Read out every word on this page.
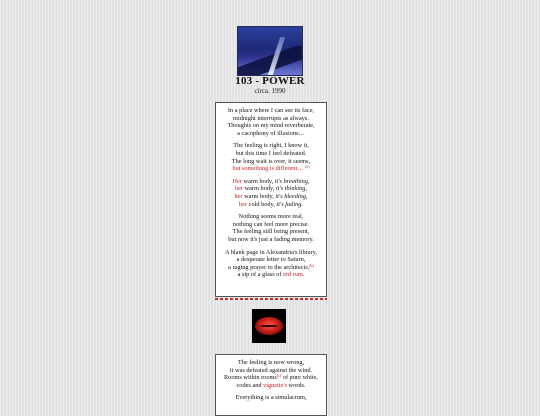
103 - POWER
circa. 1990
In a place where I can see its face,
midnight interrupts as always.
Thoughts on my mind reverberate,
a cacophony of illusions…
The feeling is right, I know it,
but this time I feel defeated.
The long wait is over, it seems,
but something is different… $^{(a)}$
Her warm body, it's breathing,
her warm body, it's thinking,
her warm body, it's bleeding,
her cold body, it's fading.
Nothing seems more real,
nothing can feel more precise.
The feeling still being present,
but now it's just a fading memory.
A blank page in Alexandria's library,
a desperate letter to Saturn,
a raging prayer to the architects,$^{(b)}$
a sip of a glass of red rum.
The feeling is now wrong,
it was defeated against the wind.
Rooms within rooms$^{(c)}$ of pure white,
codes and vignette's words.
Everything is a simulacrum,
